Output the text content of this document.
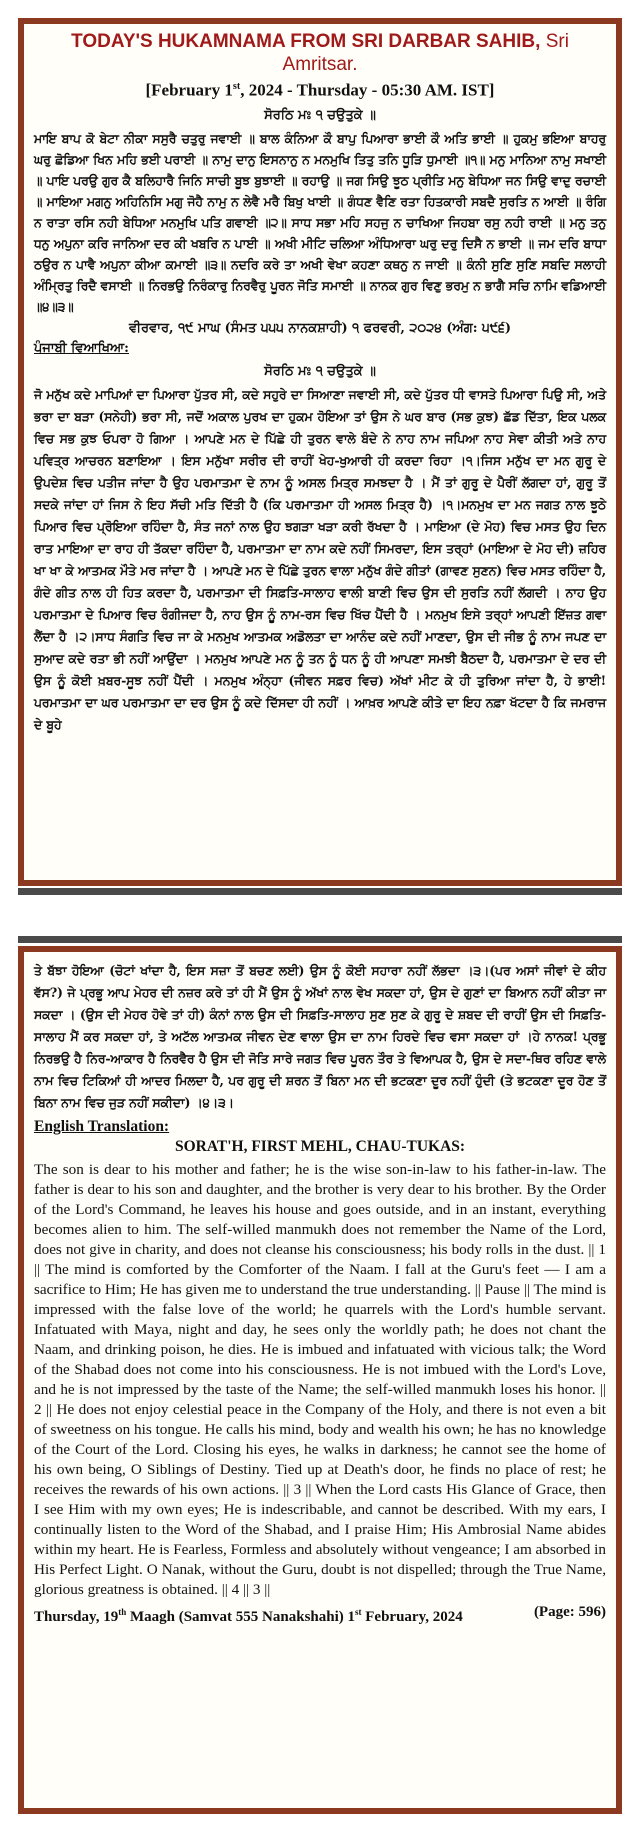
TODAY'S HUKAMNAMA FROM SRI DARBAR SAHIB, Sri Amritsar.

[February 1st, 2024 - Thursday - 05:30 AM. IST]

ਸੋਰਠਿ ਮਃ ੧ ਚਉਤੁਕੇ ॥

ਮਾਇ ਬਾਪ ਕੋ ਬੇਟਾ ਨੀਕਾ ਸਸੁਰੈ ਚਤੁਰੁ ਜਵਾਈ ॥ ਬਾਲ ਕੰਨਿਆ ਕੌ ਬਾਪੁ ਪਿਆਰਾ ਭਾਈ ਕੌ ਅਤਿ ਭਾਈ ॥ ਹੁਕਮੁ ਭਇਆ ਬਾਹਰੁ ਘਰੁ ਛੋਡਿਆ ਖਿਨ ਮਹਿ ਭਈ ਪਰਾਈ ॥ ਨਾਮੁ ਦਾਨੁ ਇਸਨਾਨੁ ਨ ਮਨਮੁਖਿ ਤਿਤੁ ਤਨਿ ਧੂੜਿ ਧੁਮਾਈ ॥੧॥ ਮਨੁ ਮਾਨਿਆ ਨਾਮੁ ਸਖਾਈ ॥ ਪਾਇ ਪਰਉ ਗੁਰ ਕੈ ਬਲਿਹਾਰੈ ਜਿਨਿ ਸਾਚੀ ਬੂਝ ਬੁਝਾਈ ॥ ਰਹਾਉ ॥ ਜਗ ਸਿਉ ਝੂਠ ਪ੍ਰੀਤਿ ਮਨੁ ਬੇਧਿਆ ਜਨ ਸਿਉ ਵਾਦੁ ਰਚਾਈ ॥ ਮਾਇਆ ਮਗਨੁ ਅਹਿਨਿਸਿ ਮਗੁ ਜੋਹੈ ਨਾਮੁ ਨ ਲੇਵੈ ਮਰੈ ਬਿਖੁ ਖਾਈ ॥ ਗੰਧਣ ਵੈਣਿ ਰਤਾ ਹਿਤਕਾਰੀ ਸਬਦੈ ਸੁਰਤਿ ਨ ਆਈ ॥ ਰੰਗਿ ਨ ਰਾਤਾ ਰਸਿ ਨਹੀ ਬੇਧਿਆ ਮਨਮੁਖਿ ਪਤਿ ਗਵਾਈ ॥੨॥ ਸਾਧ ਸਭਾ ਮਹਿ ਸਹਜੁ ਨ ਚਾਖਿਆ ਜਿਹਬਾ ਰਸੁ ਨਹੀ ਰਾਈ ॥ ਮਨੁ ਤਨੁ ਧਨੁ ਅਪੁਨਾ ਕਰਿ ਜਾਨਿਆ ਦਰ ਕੀ ਖਬਰਿ ਨ ਪਾਈ ॥ ਅਖੀ ਮੀਟਿ ਚਲਿਆ ਅੰਧਿਆਰਾ ਘਰੁ ਦਰੁ ਦਿਸੈ ਨ ਭਾਈ ॥ ਜਮ ਦਰਿ ਬਾਧਾ ਠਉਰ ਨ ਪਾਵੈ ਅਪੁਨਾ ਕੀਆ ਕਮਾਈ ॥੩॥ ਨਦਰਿ ਕਰੇ ਤਾ ਅਖੀ ਵੇਖਾ ਕਹਣਾ ਕਥਨੁ ਨ ਜਾਈ ॥ ਕੰਨੀ ਸੁਣਿ ਸੁਣਿ ਸਬਦਿ ਸਲਾਹੀ ਅੰਮ੍ਰਿਤੁ ਰਿਦੈ ਵਸਾਈ ॥ ਨਿਰਭਉ ਨਿਰੰਕਾਰੁ ਨਿਰਵੈਰੁ ਪੂਰਨ ਜੋਤਿ ਸਮਾਈ ॥ ਨਾਨਕ ਗੁਰ ਵਿਣੁ ਭਰਮੁ ਨ ਭਾਗੈ ਸਚਿ ਨਾਮਿ ਵਡਿਆਈ ॥੪॥੩॥

ਵੀਰਵਾਰ, ੧੯ ਮਾਘ (ਸੰਮਤ ੫੫੫ ਨਾਨਕਸ਼ਾਹੀ) ੧ ਫਰਵਰੀ, ੨੦੨੪ (ਅੰਗ: ੫੯੬)

ਪੰਜਾਬੀ ਵਿਆਖਿਆ:

ਸੋਰਠਿ ਮਃ ੧ ਚਉਤੁਕੇ ॥

ਜੋ ਮਨੁੱਖ ਕਦੇ ਮਾਪਿਆਂ ਦਾ ਪਿਆਰਾ ਪੁੱਤਰ ਸੀ, ਕਦੇ ਸਹੁਰੇ ਦਾ ਸਿਆਣਾ ਜਵਾਈ ਸੀ, ਕਦੇ ਪੁੱਤਰ ਧੀ ਵਾਸਤੇ ਪਿਆਰਾ ਪਿਉ ਸੀ, ਅਤੇ ਭਰਾ ਦਾ ਬੜਾ (ਸਨੇਹੀ) ਭਰਾ ਸੀ, ਜਦੋਂ ਅਕਾਲ ਪੁਰਖ ਦਾ ਹੁਕਮ ਹੋਇਆ ਤਾਂ ਉਸ ਨੇ ਘਰ ਬਾਰ (ਸਭ ਕੁਝ) ਛੱਡ ਦਿੱਤਾ, ਇਕ ਪਲਕ ਵਿਚ ਸਭ ਕੁਝ ਓਪਰਾ ਹੋ ਗਿਆ । ਆਪਣੇ ਮਨ ਦੇ ਪਿੱਛੇ ਹੀ ਤੁਰਨ ਵਾਲੇ ਬੰਦੇ ਨੇ ਨਾਹ ਨਾਮ ਜਪਿਆ ਨਾਹ ਸੇਵਾ ਕੀਤੀ ਅਤੇ ਨਾਹ ਪਵਿਤ੍ਰ ਆਚਰਨ ਬਣਾਇਆ । ਇਸ ਮਨੁੱਖਾ ਸਰੀਰ ਦੀ ਰਾਹੀਂ ਖੇਹ-ਖੁਆਰੀ ਹੀ ਕਰਦਾ ਰਿਹਾ ।੧।ਜਿਸ ਮਨੁੱਖ ਦਾ ਮਨ ਗੁਰੂ ਦੇ ਉਪਦੇਸ਼ ਵਿਚ ਪਤੀਜ ਜਾਂਦਾ ਹੈ ਉਹ ਪਰਮਾਤਮਾ ਦੇ ਨਾਮ ਨੂੰ ਅਸਲ ਮਿਤ੍ਰ ਸਮਝਦਾ ਹੈ । ਮੈਂ ਤਾਂ ਗੁਰੂ ਦੇ ਪੈਰੀਂ ਲੱਗਦਾ ਹਾਂ, ਗੁਰੂ ਤੋਂ ਸਦਕੇ ਜਾਂਦਾ ਹਾਂ ਜਿਸ ਨੇ ਇਹ ਸੱਚੀ ਮਤਿ ਦਿੱਤੀ ਹੈ (ਕਿ ਪਰਮਾਤਮਾ ਹੀ ਅਸਲ ਮਿਤ੍ਰ ਹੈ) ।੧।ਮਨਮੁਖ ਦਾ ਮਨ ਜਗਤ ਨਾਲ ਝੂਠੇ ਪਿਆਰ ਵਿਚ ਪ੍ਰੋਇਆ ਰਹਿੰਦਾ ਹੈ, ਸੰਤ ਜਨਾਂ ਨਾਲ ਉਹ ਝਗੜਾ ਖੜਾ ਕਰੀ ਰੱਖਦਾ ਹੈ । ਮਾਇਆ (ਦੇ ਮੋਹ) ਵਿਚ ਮਸਤ ਉਹ ਦਿਨ ਰਾਤ ਮਾਇਆ ਦਾ ਰਾਹ ਹੀ ਤੱਕਦਾ ਰਹਿੰਦਾ ਹੈ, ਪਰਮਾਤਮਾ ਦਾ ਨਾਮ ਕਦੇ ਨਹੀਂ ਸਿਮਰਦਾ, ਇਸ ਤਰ੍ਹਾਂ (ਮਾਇਆ ਦੇ ਮੋਹ ਦੀ) ਜ਼ਹਿਰ ਖਾ ਖਾ ਕੇ ਆਤਮਕ ਮੌਤੇ ਮਰ ਜਾਂਦਾ ਹੈ । ਆਪਣੇ ਮਨ ਦੇ ਪਿੱਛੇ ਤੁਰਨ ਵਾਲਾ ਮਨੁੱਖ ਗੰਦੇ ਗੀਤਾਂ (ਗਾਵਣ ਸੁਣਨ) ਵਿਚ ਮਸਤ ਰਹਿੰਦਾ ਹੈ, ਗੰਦੇ ਗੀਤ ਨਾਲ ਹੀ ਹਿਤ ਕਰਦਾ ਹੈ, ਪਰਮਾਤਮਾ ਦੀ ਸਿਫ਼ਤਿ-ਸਾਲਾਹ ਵਾਲੀ ਬਾਣੀ ਵਿਚ ਉਸ ਦੀ ਸੁਰਤਿ ਨਹੀਂ ਲੱਗਦੀ । ਨਾਹ ਉਹ ਪਰਮਾਤਮਾ ਦੇ ਪਿਆਰ ਵਿਚ ਰੰਗੀਜਦਾ ਹੈ, ਨਾਹ ਉਸ ਨੂੰ ਨਾਮ-ਰਸ ਵਿਚ ਖਿੱਚ ਪੈਂਦੀ ਹੈ । ਮਨਮੁਖ ਇਸੇ ਤਰ੍ਹਾਂ ਆਪਣੀ ਇੱਜ਼ਤ ਗਵਾ ਲੈਂਦਾ ਹੈ ।੨।ਸਾਧ ਸੰਗਤਿ ਵਿਚ ਜਾ ਕੇ ਮਨਮੁਖ ਆਤਮਕ ਅਡੋਲਤਾ ਦਾ ਆਨੰਦ ਕਦੇ ਨਹੀਂ ਮਾਣਦਾ, ਉਸ ਦੀ ਜੀਭ ਨੂੰ ਨਾਮ ਜਪਣ ਦਾ ਸੁਆਦ ਕਦੇ ਰਤਾ ਭੀ ਨਹੀਂ ਆਉਂਦਾ । ਮਨਮੁਖ ਆਪਣੇ ਮਨ ਨੂੰ ਤਨ ਨੂੰ ਧਨ ਨੂੰ ਹੀ ਆਪਣਾ ਸਮਝੀ ਬੈਠਦਾ ਹੈ, ਪਰਮਾਤਮਾ ਦੇ ਦਰ ਦੀ ਉਸ ਨੂੰ ਕੋਈ ਖ਼ਬਰ-ਸੂਝ ਨਹੀਂ ਪੈਂਦੀ । ਮਨਮੁਖ ਅੰਨ੍ਹਾ (ਜੀਵਨ ਸਫ਼ਰ ਵਿਚ) ਅੱਖਾਂ ਮੀਟ ਕੇ ਹੀ ਤੁਰਿਆ ਜਾਂਦਾ ਹੈ, ਹੇ ਭਾਈ! ਪਰਮਾਤਮਾ ਦਾ ਘਰ ਪਰਮਾਤਮਾ ਦਾ ਦਰ ਉਸ ਨੂੰ ਕਦੇ ਦਿੱਸਦਾ ਹੀ ਨਹੀਂ । ਆਖ਼ਰ ਆਪਣੇ ਕੀਤੇ ਦਾ ਇਹ ਨਫ਼ਾ ਖੱਟਦਾ ਹੈ ਕਿ ਜਮਰਾਜ ਦੇ ਬੂਹੇ

ਤੇ ਬੱਝਾ ਹੋਇਆ (ਚੋਟਾਂ ਖਾਂਦਾ ਹੈ, ਇਸ ਸਜ਼ਾ ਤੋਂ ਬਚਣ ਲਈ) ਉਸ ਨੂੰ ਕੋਈ ਸਹਾਰਾ ਨਹੀਂ ਲੱਭਦਾ ।੩।(ਪਰ ਅਸਾਂ ਜੀਵਾਂ ਦੇ ਕੀਹ ਵੱਸ?) ਜੇ ਪ੍ਰਭੂ ਆਪ ਮੇਹਰ ਦੀ ਨਜ਼ਰ ਕਰੇ ਤਾਂ ਹੀ ਮੈਂ ਉਸ ਨੂੰ ਅੱਖਾਂ ਨਾਲ ਵੇਖ ਸਕਦਾ ਹਾਂ, ਉਸ ਦੇ ਗੁਣਾਂ ਦਾ ਬਿਆਨ ਨਹੀਂ ਕੀਤਾ ਜਾ ਸਕਦਾ । (ਉਸ ਦੀ ਮੇਹਰ ਹੋਵੇ ਤਾਂ ਹੀ) ਕੰਨਾਂ ਨਾਲ ਉਸ ਦੀ ਸਿਫ਼ਤਿ-ਸਾਲਾਹ ਸੁਣ ਸੁਣ ਕੇ ਗੁਰੂ ਦੇ ਸ਼ਬਦ ਦੀ ਰਾਹੀਂ ਉਸ ਦੀ ਸਿਫ਼ਤਿ-ਸਾਲਾਹ ਮੈਂ ਕਰ ਸਕਦਾ ਹਾਂ, ਤੇ ਅਟੱਲ ਆਤਮਕ ਜੀਵਨ ਦੇਣ ਵਾਲਾ ਉਸ ਦਾ ਨਾਮ ਹਿਰਦੇ ਵਿਚ ਵਸਾ ਸਕਦਾ ਹਾਂ ।ਹੇ ਨਾਨਕ! ਪ੍ਰਭੂ ਨਿਰਭਉ ਹੈ ਨਿਰ-ਆਕਾਰ ਹੈ ਨਿਰਵੈਰ ਹੈ ਉਸ ਦੀ ਜੋਤਿ ਸਾਰੇ ਜਗਤ ਵਿਚ ਪੂਰਨ ਤੌਰ ਤੇ ਵਿਆਪਕ ਹੈ, ਉਸ ਦੇ ਸਦਾ-ਥਿਰ ਰਹਿਣ ਵਾਲੇ ਨਾਮ ਵਿਚ ਟਿਕਿਆਂ ਹੀ ਆਦਰ ਮਿਲਦਾ ਹੈ, ਪਰ ਗੁਰੂ ਦੀ ਸ਼ਰਨ ਤੋਂ ਬਿਨਾ ਮਨ ਦੀ ਭਟਕਣਾ ਦੂਰ ਨਹੀਂ ਹੁੰਦੀ (ਤੇ ਭਟਕਣਾ ਦੂਰ ਹੋਣ ਤੋਂ ਬਿਨਾ ਨਾਮ ਵਿਚ ਜੁੜ ਨਹੀਂ ਸਕੀਦਾ) ।੪।੩।

English Translation:

SORAT'H, FIRST MEHL, CHAU-TUKAS:

The son is dear to his mother and father; he is the wise son-in-law to his father-in-law. The father is dear to his son and daughter, and the brother is very dear to his brother. By the Order of the Lord's Command, he leaves his house and goes outside, and in an instant, everything becomes alien to him. The self-willed manmukh does not remember the Name of the Lord, does not give in charity, and does not cleanse his consciousness; his body rolls in the dust. || 1 || The mind is comforted by the Comforter of the Naam. I fall at the Guru's feet — I am a sacrifice to Him; He has given me to understand the true understanding. || Pause || The mind is impressed with the false love of the world; he quarrels with the Lord's humble servant. Infatuated with Maya, night and day, he sees only the worldly path; he does not chant the Naam, and drinking poison, he dies. He is imbued and infatuated with vicious talk; the Word of the Shabad does not come into his consciousness. He is not imbued with the Lord's Love, and he is not impressed by the taste of the Name; the self-willed manmukh loses his honor. || 2 || He does not enjoy celestial peace in the Company of the Holy, and there is not even a bit of sweetness on his tongue. He calls his mind, body and wealth his own; he has no knowledge of the Court of the Lord. Closing his eyes, he walks in darkness; he cannot see the home of his own being, O Siblings of Destiny. Tied up at Death's door, he finds no place of rest; he receives the rewards of his own actions. || 3 || When the Lord casts His Glance of Grace, then I see Him with my own eyes; He is indescribable, and cannot be described. With my ears, I continually listen to the Word of the Shabad, and I praise Him; His Ambrosial Name abides within my heart. He is Fearless, Formless and absolutely without vengeance; I am absorbed in His Perfect Light. O Nanak, without the Guru, doubt is not dispelled; through the True Name, glorious greatness is obtained. || 4 || 3 ||

Thursday, 19th Maagh (Samvat 555 Nanakshahi) 1st February, 2024	(Page: 596)
